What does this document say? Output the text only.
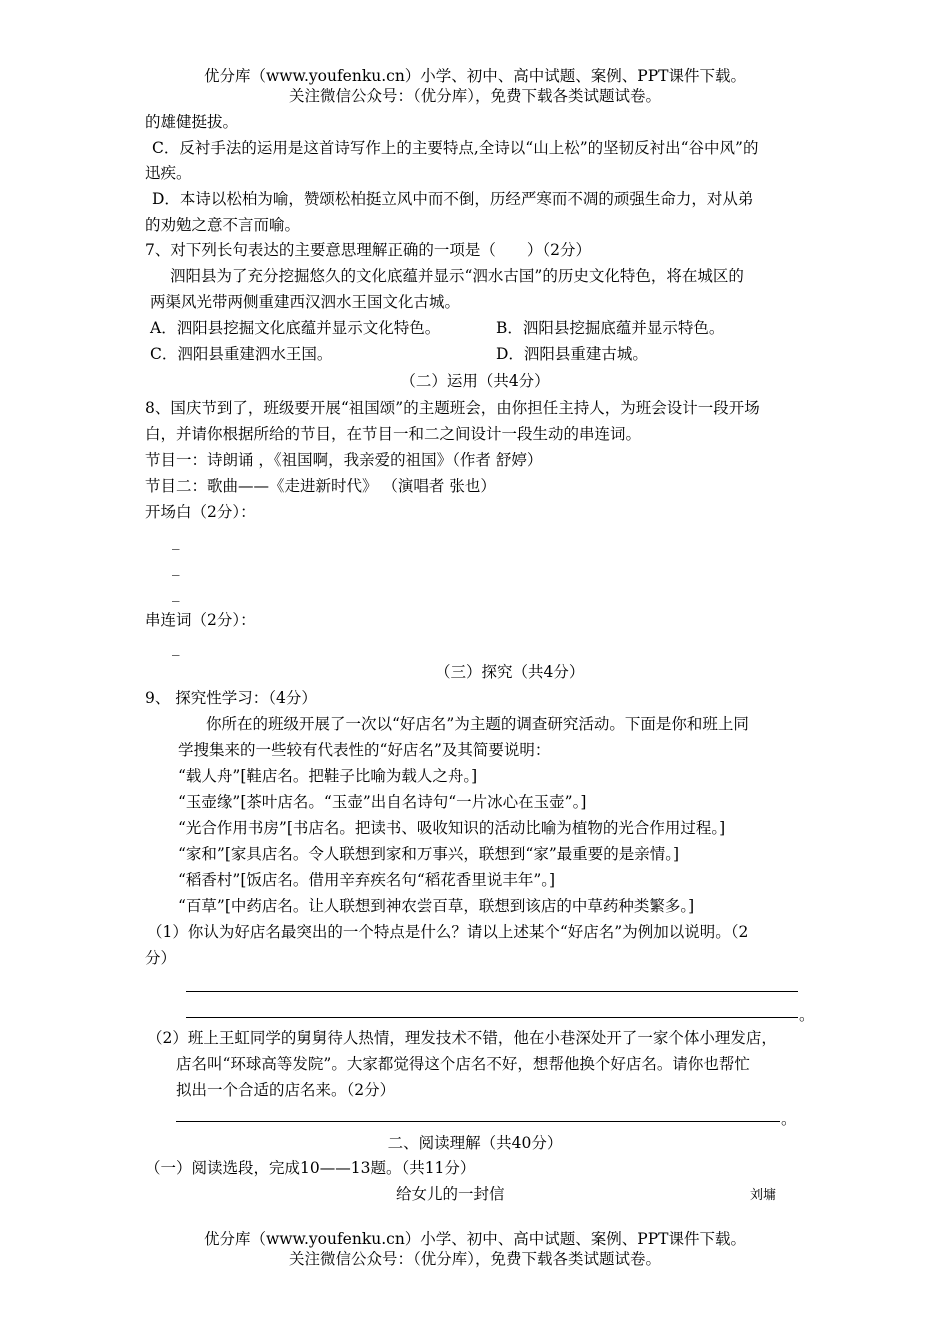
优分库（www.youfenku.cn）小学、初中、高中试题、案例、PPT课件下载。
关注微信公众号：（优分库），免费下载各类试题试卷。
的雄健挺拔。
C．反衬手法的运用是这首诗写作上的主要特点,全诗以“山上松”的坚韧反衬出“谷中风”的
迅疾。
D．本诗以松柏为喻，赞颂松柏挺立风中而不倒，历经严寒而不凋的顽强生命力，对从弟
的劝勉之意不言而喻。
7、对下列长句表达的主要意思理解正确的一项是（　　）（2分）
泗阳县为了充分挖掘悠久的文化底蕴并显示“泗水古国”的历史文化特色，将在城区的
两渠风光带两侧重建西汉泗水王国文化古城。
A．泗阳县挖掘文化底蕴并显示文化特色。	B．泗阳县挖掘底蕴并显示特色。
C．泗阳县重建泗水王国。	D．泗阳县重建古城。
（二）运用（共4分）
8、国庆节到了，班级要开展“祖国颂”的主题班会，由你担任主持人，为班会设计一段开场
白，并请你根据所给的节目，在节目一和二之间设计一段生动的串连词。
节目一：诗朗诵 ，《祖国啊，我亲爱的祖国》（作者 舒婷）
节目二：歌曲——《走进新时代》 （演唱者 张也）
开场白（2分）：
_
_
_
串连词（2分）：
_
（三）探究（共4分）
9、 探究性学习：（4分）
你所在的班级开展了一次以“好店名”为主题的调查研究活动。下面是你和班上同
学搜集来的一些较有代表性的“好店名”及其简要说明：
“载人舟”[鞋店名。把鞋子比喻为载人之舟。]
“玉壶缘”[茶叶店名。“玉壶”出自名诗句“一片冰心在玉壶”。]
“光合作用书房”[书店名。把读书、吸收知识的活动比喻为植物的光合作用过程。]
“家和”[家具店名。令人联想到家和万事兴，联想到“家”最重要的是亲情。]
“稻香村”[饭店名。借用辛弃疾名句“稻花香里说丰年”。]
“百草”[中药店名。让人联想到神农尝百草，联想到该店的中草药种类繁多。]
（1）你认为好店名最突出的一个特点是什么？请以上述某个“好店名”为例加以说明。（2
分）
。
（2）班上王虹同学的舅舅待人热情，理发技术不错，他在小巷深处开了一家个体小理发店，
店名叫“环球高等发院”。大家都觉得这个店名不好，想帮他换个好店名。请你也帮忙
拟出一个合适的店名来。（2分）
。
二、阅读理解（共40分）
（一）阅读选段，完成10——13题。（共11分）
给女儿的一封信	刘墉
优分库（www.youfenku.cn）小学、初中、高中试题、案例、PPT课件下载。
关注微信公众号：（优分库），免费下载各类试题试卷。
